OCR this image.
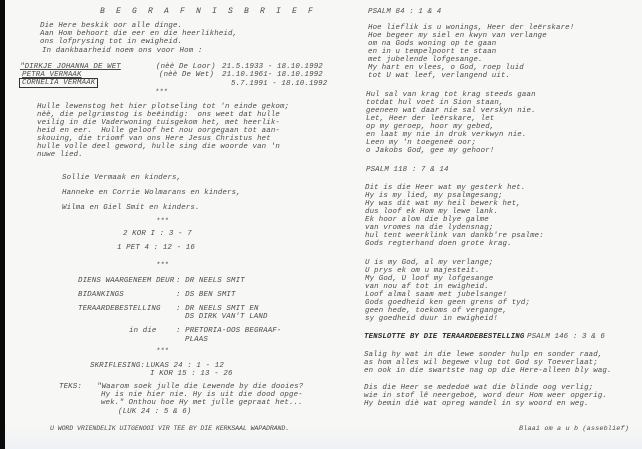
B E G R A F N I S B R I E F
Die Here beskik oor alle dinge.
Aan Hom behoort die eer en die heerlikheid,
ons lofprysing tot in ewigheid.
In dankbaarheid noem ons voor Hom :
"DIRKJE JOHANNA DE WET	(nèè De Loor) 21.5.1933 - 18.10.1992
PETRA VERMAAK	(nèè De Wet) 21.10.1961- 18.10.1992
CORNELIA VERMAAK	5.7.1991 - 18.10.1992
***
Hulle lewenstog het hier plotseling tot 'n einde gekom;
nèè, die pelgrimstog is beëindig:  ons weet dat hulle
veilig in die Vaderwoning tuisgekom het, met heerlik-
heid en eer.  Hulle geloof het nou oorgegaan tot aan-
skouing, die triomf van ons Here Jesus Christus het
hulle volle deel geword, hulle sing die woorde van 'n
nuwe lied.
Sollie Vermaak en kinders,
Hanneke en Corrie Wolmarans en kinders,
Wilma en Giel Smit en kinders.
***
2 KOR I : 3 - 7
1 PET 4 : 12 - 16
***
DIENS WAARGENEEM DEUR : DR NEELS SMIT
BIDANKINGS	: DS BEN SMIT
TERAARDEBESTELLING : DR NEELS SMIT EN
DS DIRK VAN'T LAND
in die	: PRETORIA-OOS BEGRAAF-
PLAAS
***
SKRIFLESING: LUKAS 24 : 1 - 12
I KOR 15 : 13 - 26
TEKS: "Waarom soek julle die Lewende by die dooies?
Hy is nie hier nie. Hy is uit die dood opge-
wek." Onthou hoe Hy met julle gepraat het...
(LUK 24 : 5 & 6)
U WORD VRIENDELIK UITGENOOI VIR TEE BY DIE KERKSAAL WAPADRAND.
PSALM 84 : 1 & 4
Hoe lieflik is u wonings, Heer der leërskare!
Hoe begeer my siel en kwyn van verlange
om na Gods woning op te gaan
en in u tempelpoort te staan
met jubelende lofgesange.
My hart en vlees, o God, roep luid
tot U wat leef, verlangend uit.
Hul sal van krag tot krag steeds gaan
totdat hul voet in Sion staan,
geeneen wat daar nie sal verskyn nie.
Let, Heer der leërskare, let
op my geroep, hoor my gebed,
en laat my nie in druk verkwyn nie.
Leen my 'n toegeneë oor;
o Jakobs God, gee my gehoor!
PSALM 118 : 7 & 14
Dit is die Heer wat my gesterk het.
Hy is my lied, my psalmgesang;
Hy was dit wat my heil bewerk het,
dus loof ek Hom my lewe lank.
Ek hoor alom die blye galme
van vromes na die lydensnag;
hul tent weerklink van dankb're psalme:
Gods regterhand doen grote krag.
U is my God, al my verlange;
U prys ek om u majesteit.
My God, U loof my lofgesange
van nou af tot in ewigheid.
Loof almal saam met jubelsange!
Gods goedheid ken geen grens of tyd;
geen hede, toekoms of vergange,
sy goedheid duur in ewigheid!
TENSLOTTE BY DIE TERAARDEBESTELLING PSALM 146 : 3 & 6
Salig hy wat in die lewe sonder hulp en sonder raad,
as hom alles wil begewe vlug tot God sy Toeverlaat;
en ook in die swartste nag op die Here-alleen bly wag.
Dis die Heer se mededoë wat die blinde oog verlig;
wie in stof lê neergeboë, word deur Hom weer opgerig.
Hy bemin diè wat opreg wandel in sy woord en weg.
Blaai om a u b (asseblief)
